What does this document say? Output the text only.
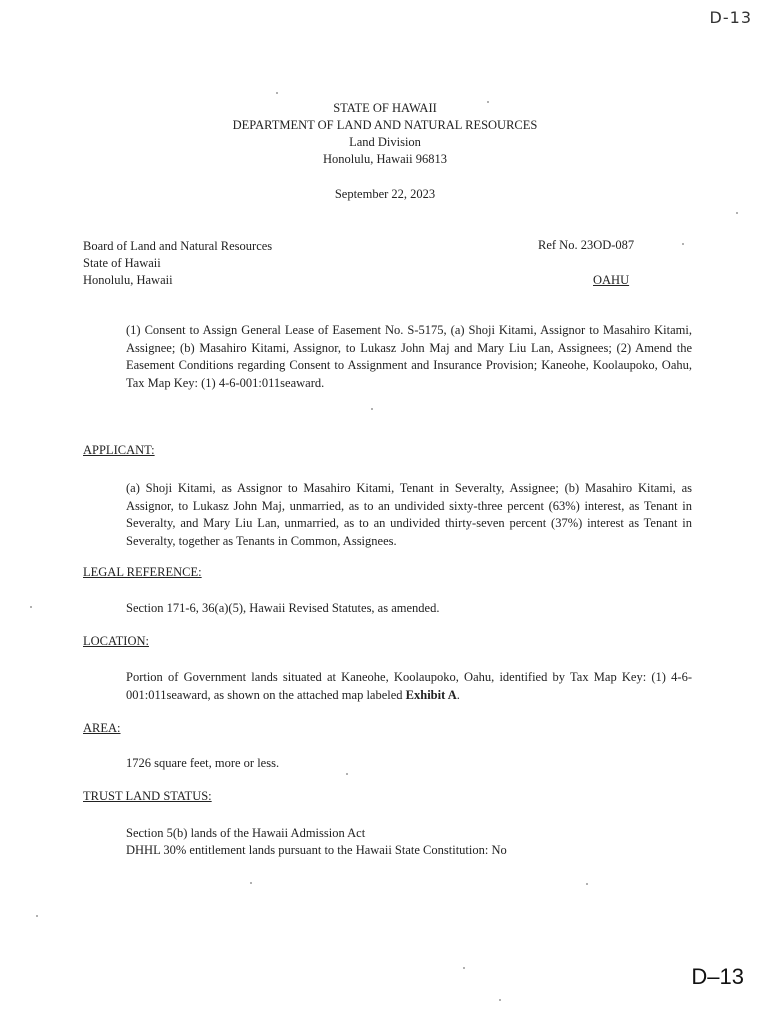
D-13
STATE OF HAWAII
DEPARTMENT OF LAND AND NATURAL RESOURCES
Land Division
Honolulu, Hawaii 96813
September 22, 2023
Board of Land and Natural Resources
State of Hawaii
Honolulu, Hawaii
Ref No. 23OD-087
OAHU
(1) Consent to Assign General Lease of Easement No. S-5175, (a) Shoji Kitami, Assignor to Masahiro Kitami, Assignee; (b) Masahiro Kitami, Assignor, to Lukasz John Maj and Mary Liu Lan, Assignees; (2) Amend the Easement Conditions regarding Consent to Assignment and Insurance Provision; Kaneohe, Koolaupoko, Oahu, Tax Map Key: (1) 4-6-001:011seaward.
APPLICANT:
(a) Shoji Kitami, as Assignor to Masahiro Kitami, Tenant in Severalty, Assignee; (b) Masahiro Kitami, as Assignor, to Lukasz John Maj, unmarried, as to an undivided sixty-three percent (63%) interest, as Tenant in Severalty, and Mary Liu Lan, unmarried, as to an undivided thirty-seven percent (37%) interest as Tenant in Severalty, together as Tenants in Common, Assignees.
LEGAL REFERENCE:
Section 171-6, 36(a)(5), Hawaii Revised Statutes, as amended.
LOCATION:
Portion of Government lands situated at Kaneohe, Koolaupoko, Oahu, identified by Tax Map Key: (1) 4-6-001:011seaward, as shown on the attached map labeled Exhibit A.
AREA:
1726 square feet, more or less.
TRUST LAND STATUS:
Section 5(b) lands of the Hawaii Admission Act
DHHL 30% entitlement lands pursuant to the Hawaii State Constitution: No
D–13
